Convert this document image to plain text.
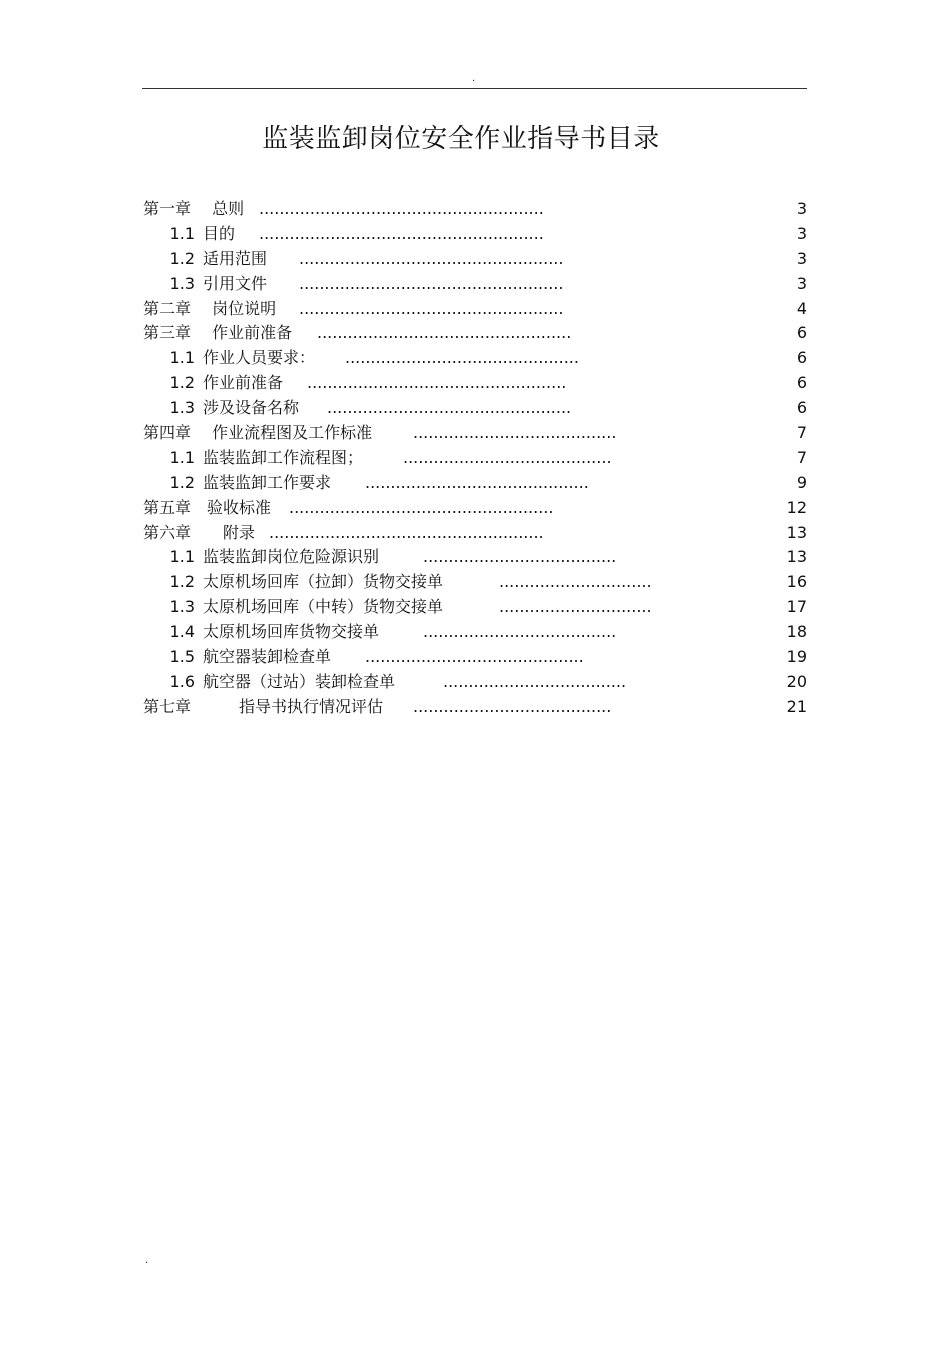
.
监装监卸岗位安全作业指导书目录
第一章　 总则 ........................................................	3
1.1 目的 ........................................................	3
1.2 适用范围 ....................................................	3
1.3 引用文件 ....................................................	3
第二章　 岗位说明 ....................................................	4
第三章　 作业前准备 ..................................................	6
1.1 作业人员要求： ..............................................	6
1.2 作业前准备 ...................................................	6
1.3 涉及设备名称 ................................................	6
第四章　 作业流程图及工作标准	........................................	7
1.1 监装监卸工作流程图； .........................................	7
1.2 监装监卸工作要求 ............................................	9
第五章　验收标准 ....................................................	12
第六章　　附录 ......................................................	13
1.1 监装监卸岗位危险源识别	......................................	13
1.2 太原机场回库（拉卸）货物交接单	..............................	16
1.3 太原机场回库（中转）货物交接单	..............................	17
1.4 太原机场回库货物交接单	......................................	18
1.5 航空器装卸检查单 ...........................................	19
1.6 航空器（过站）装卸检查单	....................................	20
第七章　　　指导书执行情况评估 .......................................	21
.
